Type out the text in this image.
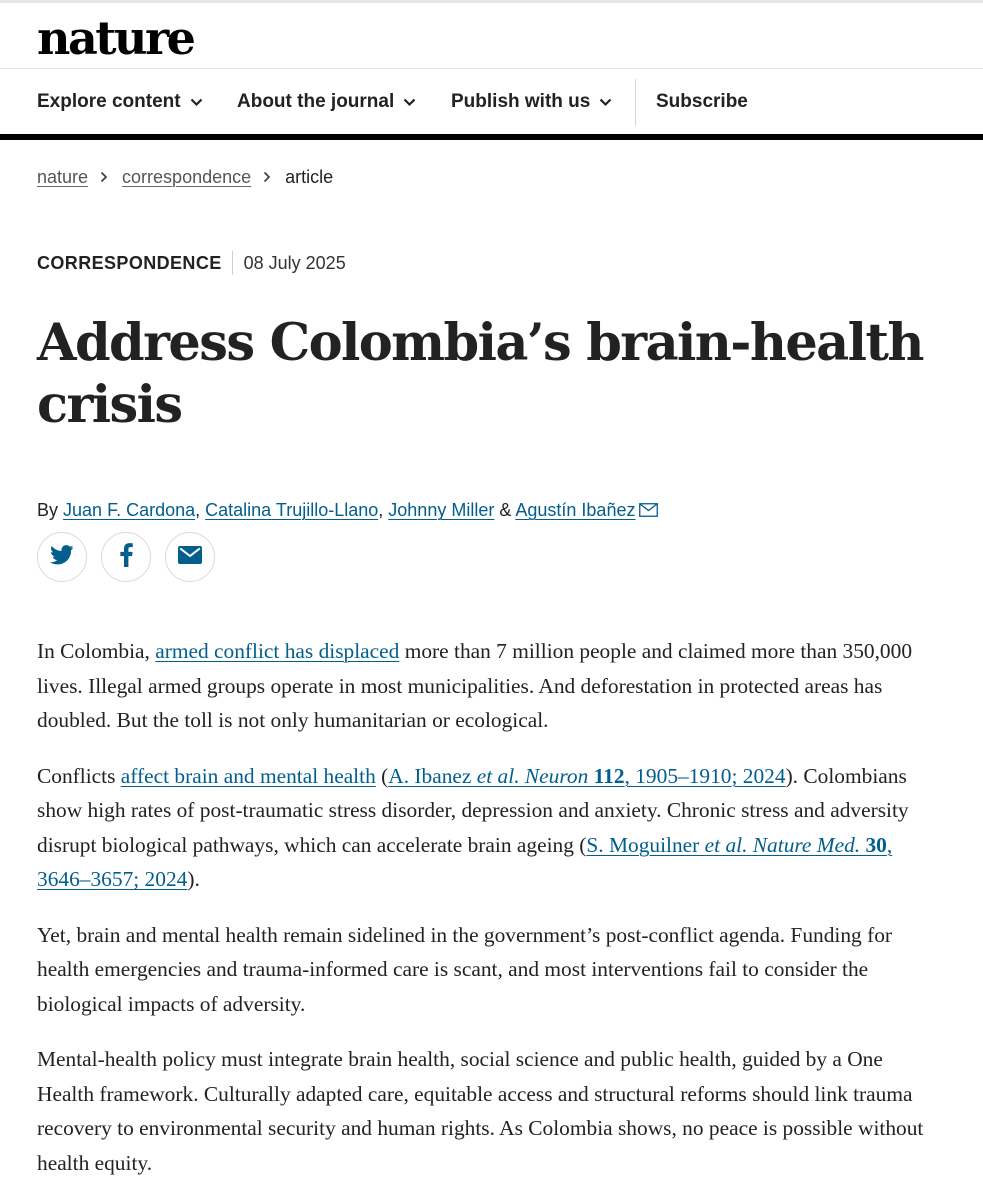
nature
Explore content	About the journal	Publish with us	Subscribe
nature correspondence article
CORRESPONDENCE 08 July 2025
Address Colombia’s brain-health crisis
By Juan F. Cardona, Catalina Trujillo-Llano, Johnny Miller & Agustín Ibañez

In Colombia, armed conflict has displaced more than 7 million people and claimed more than 350,000 lives. Illegal armed groups operate in most municipalities. And deforestation in protected areas has doubled. But the toll is not only humanitarian or ecological.

Conflicts affect brain and mental health (A. Ibanez et al. Neuron 112, 1905–1910; 2024). Colombians show high rates of post-traumatic stress disorder, depression and anxiety. Chronic stress and adversity disrupt biological pathways, which can accelerate brain ageing (S. Moguilner et al. Nature Med. 30, 3646–3657; 2024).

Yet, brain and mental health remain sidelined in the government’s post-conflict agenda. Funding for health emergencies and trauma-informed care is scant, and most interventions fail to consider the biological impacts of adversity.

Mental-health policy must integrate brain health, social science and public health, guided by a One Health framework. Culturally adapted care, equitable access and structural reforms should link trauma recovery to environmental security and human rights. As Colombia shows, no peace is possible without health equity.
